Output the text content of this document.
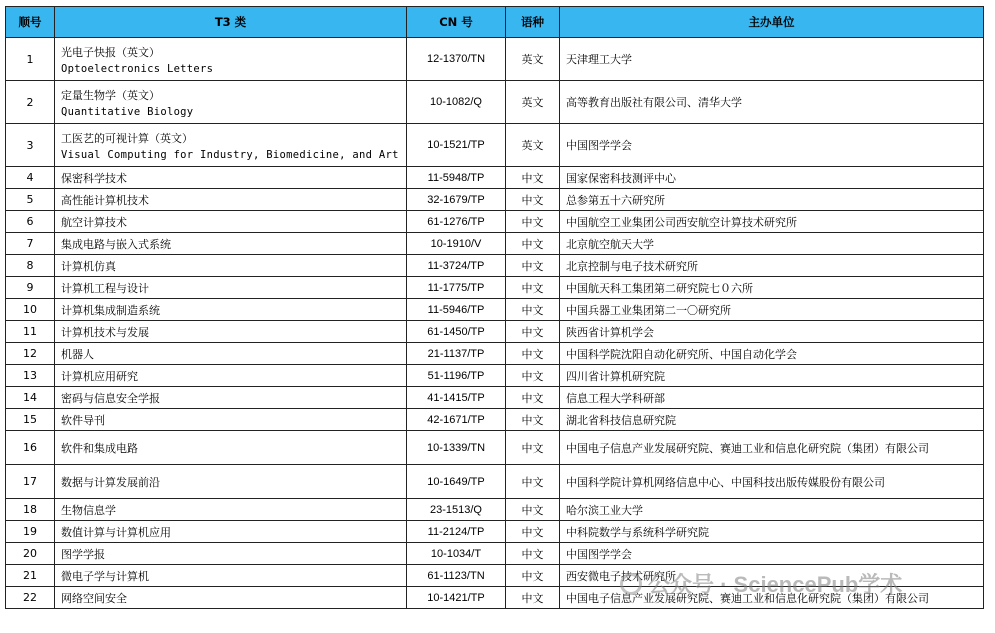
顺号	T3 类	CN 号	语种	主办单位
1	光电子快报（英文）
Optoelectronics Letters	12-1370/TN	英文	天津理工大学
2	定量生物学（英文）
Quantitative Biology	10-1082/Q	英文	高等教育出版社有限公司、清华大学
3	工医艺的可视计算（英文）
Visual Computing for Industry, Biomedicine, and Art	10-1521/TP	英文	中国图学学会
4	保密科学技术	11-5948/TP	中文	国家保密科技测评中心
5	高性能计算机技术	32-1679/TP	中文	总参第五十六研究所
6	航空计算技术	61-1276/TP	中文	中国航空工业集团公司西安航空计算技术研究所
7	集成电路与嵌入式系统	10-1910/V	中文	北京航空航天大学
8	计算机仿真	11-3724/TP	中文	北京控制与电子技术研究所
9	计算机工程与设计	11-1775/TP	中文	中国航天科工集团第二研究院七０六所
10	计算机集成制造系统	11-5946/TP	中文	中国兵器工业集团第二一〇研究所
11	计算机技术与发展	61-1450/TP	中文	陕西省计算机学会
12	机器人	21-1137/TP	中文	中国科学院沈阳自动化研究所、中国自动化学会
13	计算机应用研究	51-1196/TP	中文	四川省计算机研究院
14	密码与信息安全学报	41-1415/TP	中文	信息工程大学科研部
15	软件导刊	42-1671/TP	中文	湖北省科技信息研究院
16	软件和集成电路	10-1339/TN	中文	中国电子信息产业发展研究院、赛迪工业和信息化研究院（集团）有限公司
17	数据与计算发展前沿	10-1649/TP	中文	中国科学院计算机网络信息中心、中国科技出版传媒股份有限公司
18	生物信息学	23-1513/Q	中文	哈尔滨工业大学
19	数值计算与计算机应用	11-2124/TP	中文	中科院数学与系统科学研究院
20	图学学报	10-1034/T	中文	中国图学学会
21	微电子学与计算机	61-1123/TN	中文	西安微电子技术研究所
22	网络空间安全	10-1421/TP	中文	中国电子信息产业发展研究院、赛迪工业和信息化研究院（集团）有限公司
公众号 · SciencePub学术
